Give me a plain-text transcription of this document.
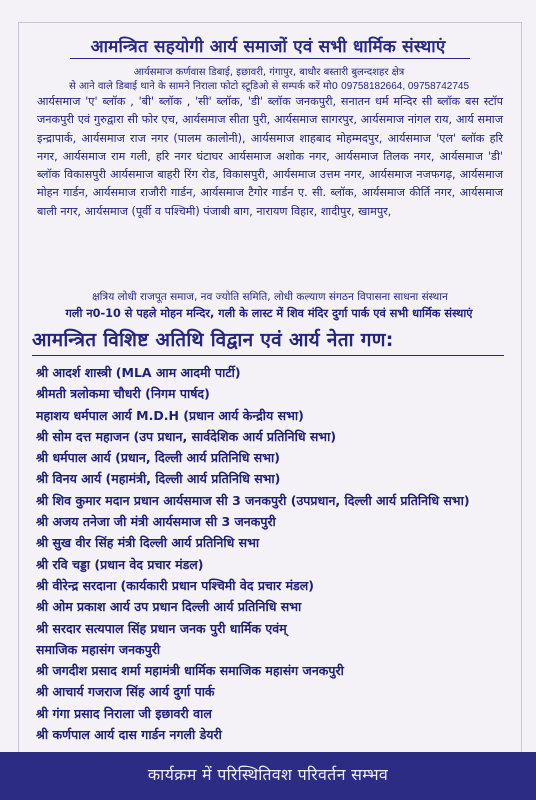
आमन्त्रित सहयोगी आर्य समाजों एवं सभी धार्मिक संस्थाएं
आर्यसमाज कर्णवास डिबाई, इछावरी, गंगापुर, बाधौर बस्तारी बुलन्दशहर क्षेत्र
से आने वाले डिबाई थाने के सामने निराला फोटो स्टूडिओ से सम्पर्क करें मो0 09758182664, 09758742745

आर्यसमाज 'ए' ब्लॉक , 'बी' ब्लॉक , 'सी' ब्लॉक, 'डी' ब्लॉक जनकपुरी, सनातन धर्म मन्दिर सी ब्लॉक बस स्टॉप जनकपुरी एवं गुरुद्वारा सी फोर एच, आर्यसमाज सीता पुरी, आर्यसमाज सागरपुर, आर्यसमाज नांगल राय, आर्य समाज इन्द्रापार्क, आर्यसमाज राज नगर (पालम कालोनी), आर्यसमाज शाहबाद मोहम्मदपुर, आर्यसमाज 'एल' ब्लॉक हरि नगर, आर्यसमाज राम गली, हरि नगर घंटाघर आर्यसमाज अशोक नगर, आर्यसमाज तिलक नगर, आर्यसमाज 'डी' ब्लॉक विकासपुरी आर्यसमाज बाहरी रिंग रोड, विकासपुरी, आर्यसमाज उत्तम नगर, आर्यसमाज नजफगढ़, आर्यसमाज मोहन गार्डन, आर्यसमाज राजौरी गार्डन, आर्यसमाज टैगोर गार्डन ए. सी. ब्लॉक, आर्यसमाज कीर्ति नगर, आर्यसमाज बाली नगर, आर्यसमाज (पूर्वी व पश्चिमी) पंजाबी बाग, नारायण विहार, शादीपुर, खामपुर,

क्षत्रिय लोधी राजपूत समाज, नव ज्योति समिति, लोधी कल्याण संगठन विपासना साधना संस्थान
गली न0-10 से पहले मोहन मन्दिर, गली के लास्ट में शिव मंदिर दुर्गा पार्क एवं सभी धार्मिक संस्थाएं
आमन्त्रित विशिष्ट अतिथि विद्वान एवं आर्य नेता गण:
श्री आदर्श शास्त्री (MLA आम आदमी पार्टी)
श्रीमती त्रलोकमा चौधरी (निगम पार्षद)
महाशय धर्मपाल आर्य M.D.H (प्रधान आर्य केन्द्रीय सभा)
श्री सोम दत्त महाजन (उप प्रधान, सार्वदेशिक आर्य प्रतिनिधि सभा)
श्री धर्मपाल आर्य (प्रधान, दिल्ली आर्य प्रतिनिधि सभा)
श्री विनय आर्य (महामंत्री, दिल्ली आर्य प्रतिनिधि सभा)
श्री शिव कुमार मदान प्रधान आर्यसमाज सी 3 जनकपुरी (उपप्रधान, दिल्ली आर्य प्रतिनिधि सभा)
श्री अजय तनेजा जी मंत्री आर्यसमाज सी 3 जनकपुरी
श्री सुख वीर सिंह मंत्री दिल्ली आर्य प्रतिनिधि सभा
श्री रवि चड्डा (प्रधान वेद प्रचार मंडल)
श्री वीरेन्द्र सरदाना (कार्यकारी प्रधान पश्चिमी वेद प्रचार मंडल)
श्री ओम प्रकाश आर्य उप प्रधान दिल्ली आर्य प्रतिनिधि सभा
श्री सरदार सत्यपाल सिंह प्रधान जनक पुरी धार्मिक एवंम्
समाजिक महासंग जनकपुरी
श्री जगदीश प्रसाद शर्मा महामंत्री धार्मिक समाजिक महासंग जनकपुरी
श्री आचार्य गजराज सिंह आर्य दुर्गा पार्क
श्री गंगा प्रसाद निराला जी इछावरी वाल
श्री कर्णपाल आर्य दास गार्डन नगली डेयरी
कार्यक्रम में परिस्थितिवश परिवर्तन सम्भव
